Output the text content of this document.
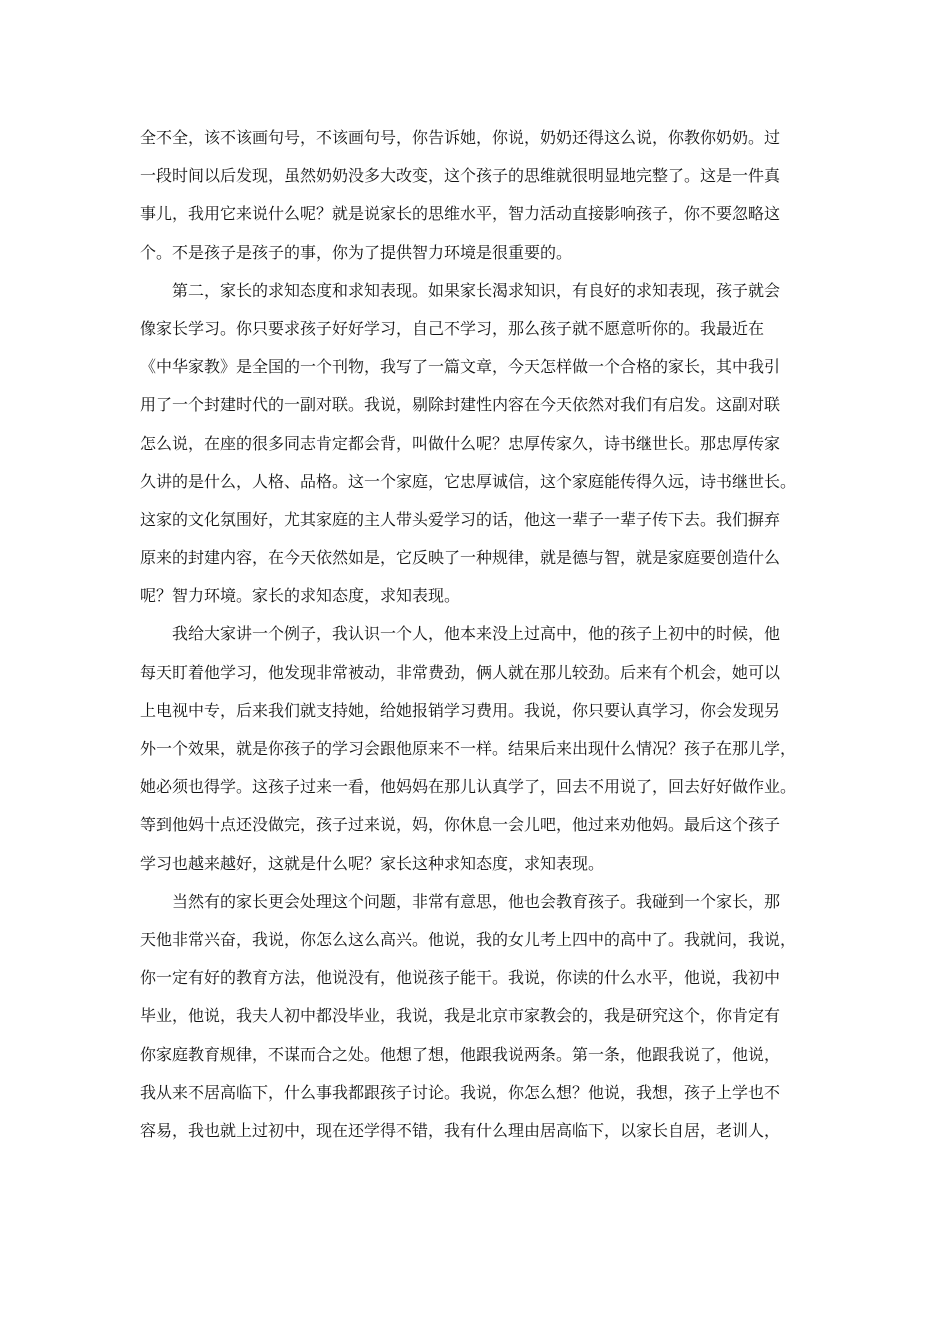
全不全，该不该画句号，不该画句号，你告诉她，你说，奶奶还得这么说，你教你奶奶。过
一段时间以后发现，虽然奶奶没多大改变，这个孩子的思维就很明显地完整了。这是一件真
事儿，我用它来说什么呢？就是说家长的思维水平，智力活动直接影响孩子，你不要忽略这
个。不是孩子是孩子的事，你为了提供智力环境是很重要的。
　　第二，家长的求知态度和求知表现。如果家长渴求知识，有良好的求知表现，孩子就会
像家长学习。你只要求孩子好好学习，自己不学习，那么孩子就不愿意听你的。我最近在
《中华家教》是全国的一个刊物，我写了一篇文章，今天怎样做一个合格的家长，其中我引
用了一个封建时代的一副对联。我说，剔除封建性内容在今天依然对我们有启发。这副对联
怎么说，在座的很多同志肯定都会背，叫做什么呢？忠厚传家久，诗书继世长。那忠厚传家
久讲的是什么，人格、品格。这一个家庭，它忠厚诚信，这个家庭能传得久远，诗书继世长。
这家的文化氛围好，尤其家庭的主人带头爱学习的话，他这一辈子一辈子传下去。我们摒弃
原来的封建内容，在今天依然如是，它反映了一种规律，就是德与智，就是家庭要创造什么
呢？智力环境。家长的求知态度，求知表现。
　　我给大家讲一个例子，我认识一个人，他本来没上过高中，他的孩子上初中的时候，他
每天盯着他学习，他发现非常被动，非常费劲，俩人就在那儿较劲。后来有个机会，她可以
上电视中专，后来我们就支持她，给她报销学习费用。我说，你只要认真学习，你会发现另
外一个效果，就是你孩子的学习会跟他原来不一样。结果后来出现什么情况？孩子在那儿学，
她必须也得学。这孩子过来一看，他妈妈在那儿认真学了，回去不用说了，回去好好做作业。
等到他妈十点还没做完，孩子过来说，妈，你休息一会儿吧，他过来劝他妈。最后这个孩子
学习也越来越好，这就是什么呢？家长这种求知态度，求知表现。
　　当然有的家长更会处理这个问题，非常有意思，他也会教育孩子。我碰到一个家长，那
天他非常兴奋，我说，你怎么这么高兴。他说，我的女儿考上四中的高中了。我就问，我说，
你一定有好的教育方法，他说没有，他说孩子能干。我说，你读的什么水平，他说，我初中
毕业，他说，我夫人初中都没毕业，我说，我是北京市家教会的，我是研究这个，你肯定有
你家庭教育规律，不谋而合之处。他想了想，他跟我说两条。第一条，他跟我说了，他说，
我从来不居高临下，什么事我都跟孩子讨论。我说，你怎么想？他说，我想，孩子上学也不
容易，我也就上过初中，现在还学得不错，我有什么理由居高临下，以家长自居，老训人，
